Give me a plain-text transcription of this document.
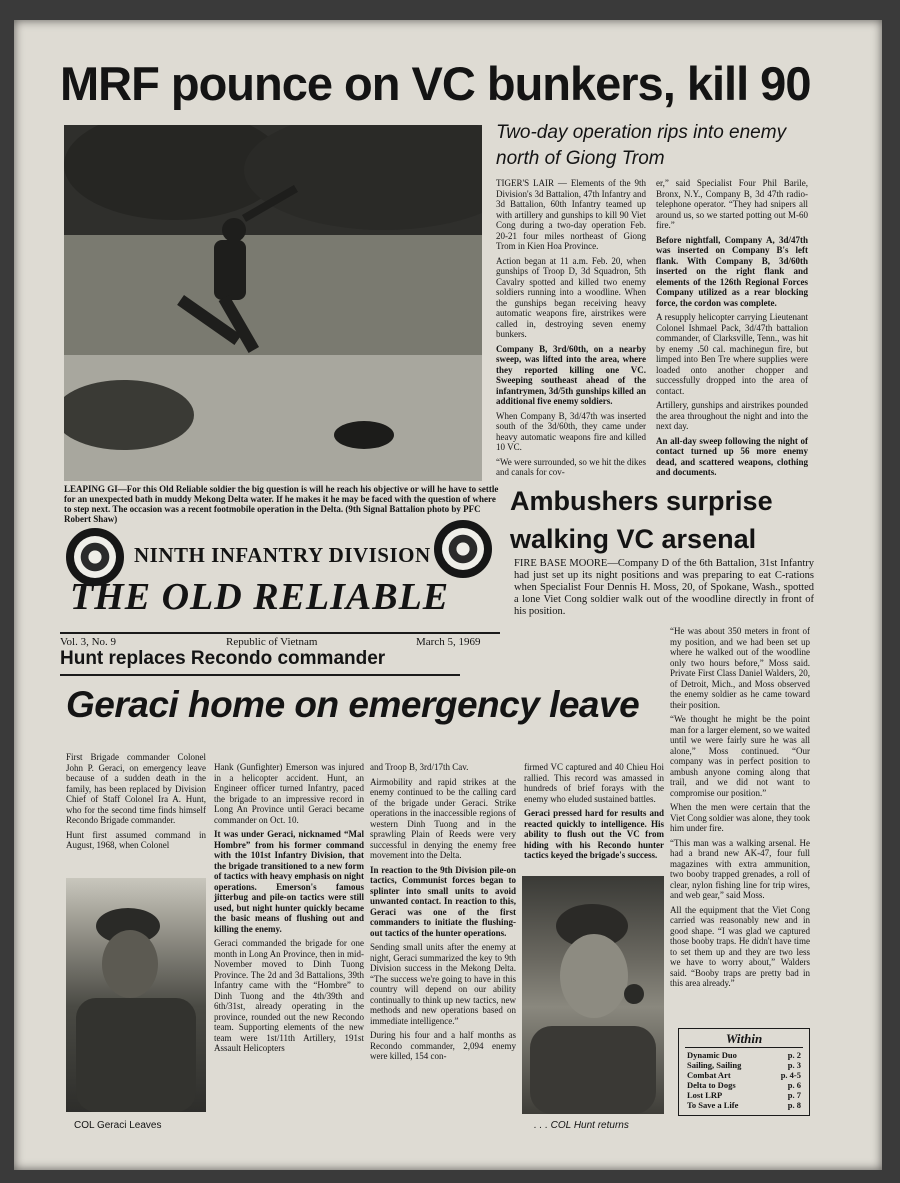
MRF pounce on VC bunkers, kill 90
LEAPING GI—For this Old Reliable soldier the big question is will he reach his objective or will he have to settle for an unexpected bath in muddy Mekong Delta water. If he makes it he may be faced with the question of where to step next. The occasion was a recent footmobile operation in the Delta. (9th Signal Battalion photo by PFC Robert Shaw)
Two-day operation rips into enemy north of Giong Trom

TIGER'S LAIR — Elements of the 9th Division's 3d Battalion, 47th Infantry and 3d Battalion, 60th Infantry teamed up with artillery and gunships to kill 90 Viet Cong during a two-day operation Feb. 20-21 four miles northeast of Giong Trom in Kien Hoa Province.

Action began at 11 a.m. Feb. 20, when gunships of Troop D, 3d Squadron, 5th Cavalry spotted and killed two enemy soldiers running into a woodline. When the gunships began receiving heavy automatic weapons fire, airstrikes were called in, destroying seven enemy bunkers.

Company B, 3rd/60th, on a nearby sweep, was lifted into the area, where they reported killing one VC. Sweeping southeast ahead of the infantrymen, 3d/5th gunships killed an additional five enemy soldiers.

When Company B, 3d/47th was inserted south of the 3d/60th, they came under heavy automatic weapons fire and killed 10 VC.

“We were surrounded, so we hit the dikes and canals for cov-

er,” said Specialist Four Phil Barile, Bronx, N.Y., Company B, 3d 47th radio-telephone operator. “They had snipers all around us, so we started potting out M-60 fire.”

Before nightfall, Company A, 3d/47th was inserted on Company B's left flank. With Company B, 3d/60th inserted on the right flank and elements of the 126th Regional Forces Company utilized as a rear blocking force, the cordon was complete.

A resupply helicopter carrying Lieutenant Colonel Ishmael Pack, 3d/47th battalion commander, of Clarksville, Tenn., was hit by enemy .50 cal. machinegun fire, but limped into Ben Tre where supplies were loaded onto another chopper and successfully dropped into the area of contact.

Artillery, gunships and airstrikes pounded the area throughout the night and into the next day.

An all-day sweep following the night of contact turned up 56 more enemy dead, and scattered weapons, clothing and documents.

Ambushers surprise walking VC arsenal
NINTH INFANTRY DIVISION
THE OLD RELIABLE
Vol. 3, No. 9	Republic of Vietnam	March 5, 1969
FIRE BASE MOORE—Company D of the 6th Battalion, 31st Infantry had just set up its night positions and was preparing to eat C-rations when Specialist Four Dennis H. Moss, 20, of Spokane, Wash., spotted a lone Viet Cong soldier walk out of the woodline directly in front of his position.

“He was about 350 meters in front of my position, and we had been set up where he walked out of the woodline only two hours before,” Moss said. Private First Class Daniel Walders, 20, of Detroit, Mich., and Moss observed the enemy soldier as he came toward their position.

“We thought he might be the point man for a larger element, so we waited until we were fairly sure he was all alone,” Moss continued. “Our company was in perfect position to ambush anyone coming along that trail, and we did not want to compromise our position.”

When the men were certain that the Viet Cong soldier was alone, they took him under fire.

“This man was a walking arsenal. He had a brand new AK-47, four full magazines with extra ammunition, two booby trapped grenades, a roll of clear, nylon fishing line for trip wires, and web gear,” said Moss.

All the equipment that the Viet Cong carried was reasonably new and in good shape. “I was glad we captured those booby traps. He didn't have time to set them up and they are two less we have to worry about,” Walders said. “Booby traps are pretty bad in this area already.”

Hunt replaces Recondo commander
Geraci home on emergency leave

First Brigade commander Colonel John P. Geraci, on emergency leave because of a sudden death in the family, has been replaced by Division Chief of Staff Colonel Ira A. Hunt, who for the second time finds himself Recondo Brigade commander.

Hunt first assumed command in August, 1968, when Colonel

COL Geraci Leaves

Hank (Gunfighter) Emerson was injured in a helicopter accident. Hunt, an Engineer officer turned Infantry, paced the brigade to an impressive record in Long An Province until Geraci became commander on Oct. 10.

It was under Geraci, nicknamed “Mal Hombre” from his former command with the 101st Infantry Division, that the brigade transitioned to a new form of tactics with heavy emphasis on night operations. Emerson's famous jitterbug and pile-on tactics were still used, but night hunter quickly became the basic means of flushing out and killing the enemy.

Geraci commanded the brigade for one month in Long An Province, then in mid-November moved to Dinh Tuong Province. The 2d and 3d Battalions, 39th Infantry came with the “Hombre” to Dinh Tuong and the 4th/39th and 6th/31st, already operating in the province, rounded out the new Recondo team. Supporting elements of the new team were 1st/11th Artillery, 191st Assault Helicopters

and Troop B, 3rd/17th Cav.

Airmobility and rapid strikes at the enemy continued to be the calling card of the brigade under Geraci. Strike operations in the inaccessible regions of western Dinh Tuong and in the sprawling Plain of Reeds were very successful in denying the enemy free movement into the Delta.

In reaction to the 9th Division pile-on tactics, Communist forces began to splinter into small units to avoid unwanted contact. In reaction to this, Geraci was one of the first commanders to initiate the flushing-out tactics of the hunter operations.

Sending small units after the enemy at night, Geraci summarized the key to 9th Division success in the Mekong Delta. “The success we're going to have in this country will depend on our ability continually to think up new tactics, new methods and new operations based on immediate intelligence.”

During his four and a half months as Recondo commander, 2,094 enemy were killed, 154 con-

firmed VC captured and 40 Chieu Hoi rallied. This record was amassed in hundreds of brief forays with the enemy who eluded sustained battles.

Geraci pressed hard for results and reacted quickly to intelligence. His ability to flush out the VC from hiding with his Recondo hunter tactics keyed the brigade's success.

. . . COL Hunt returns
Within
Dynamic Duo	p. 2
Sailing, Sailing	p. 3
Combat Art	p. 4-5
Delta to Dogs	p. 6
Lost LRP	p. 7
To Save a Life	p. 8
